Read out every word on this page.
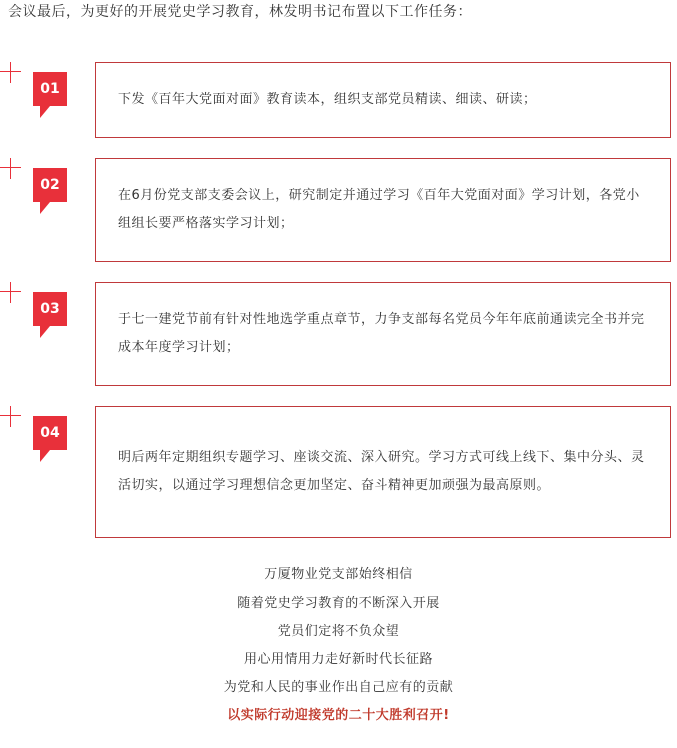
会议最后，为更好的开展党史学习教育，林发明书记布置以下工作任务：
01
下发《百年大党面对面》教育读本，组织支部党员精读、细读、研读；
02
在6月份党支部支委会议上，研究制定并通过学习《百年大党面对面》学习计划，各党小组组长要严格落实学习计划；
03
于七一建党节前有针对性地选学重点章节，力争支部每名党员今年年底前通读完全书并完成本年度学习计划；
04
明后两年定期组织专题学习、座谈交流、深入研究。学习方式可线上线下、集中分头、灵活切实，以通过学习理想信念更加坚定、奋斗精神更加顽强为最高原则。
万厦物业党支部始终相信
随着党史学习教育的不断深入开展
党员们定将不负众望
用心用情用力走好新时代长征路
为党和人民的事业作出自己应有的贡献
以实际行动迎接党的二十大胜利召开!
